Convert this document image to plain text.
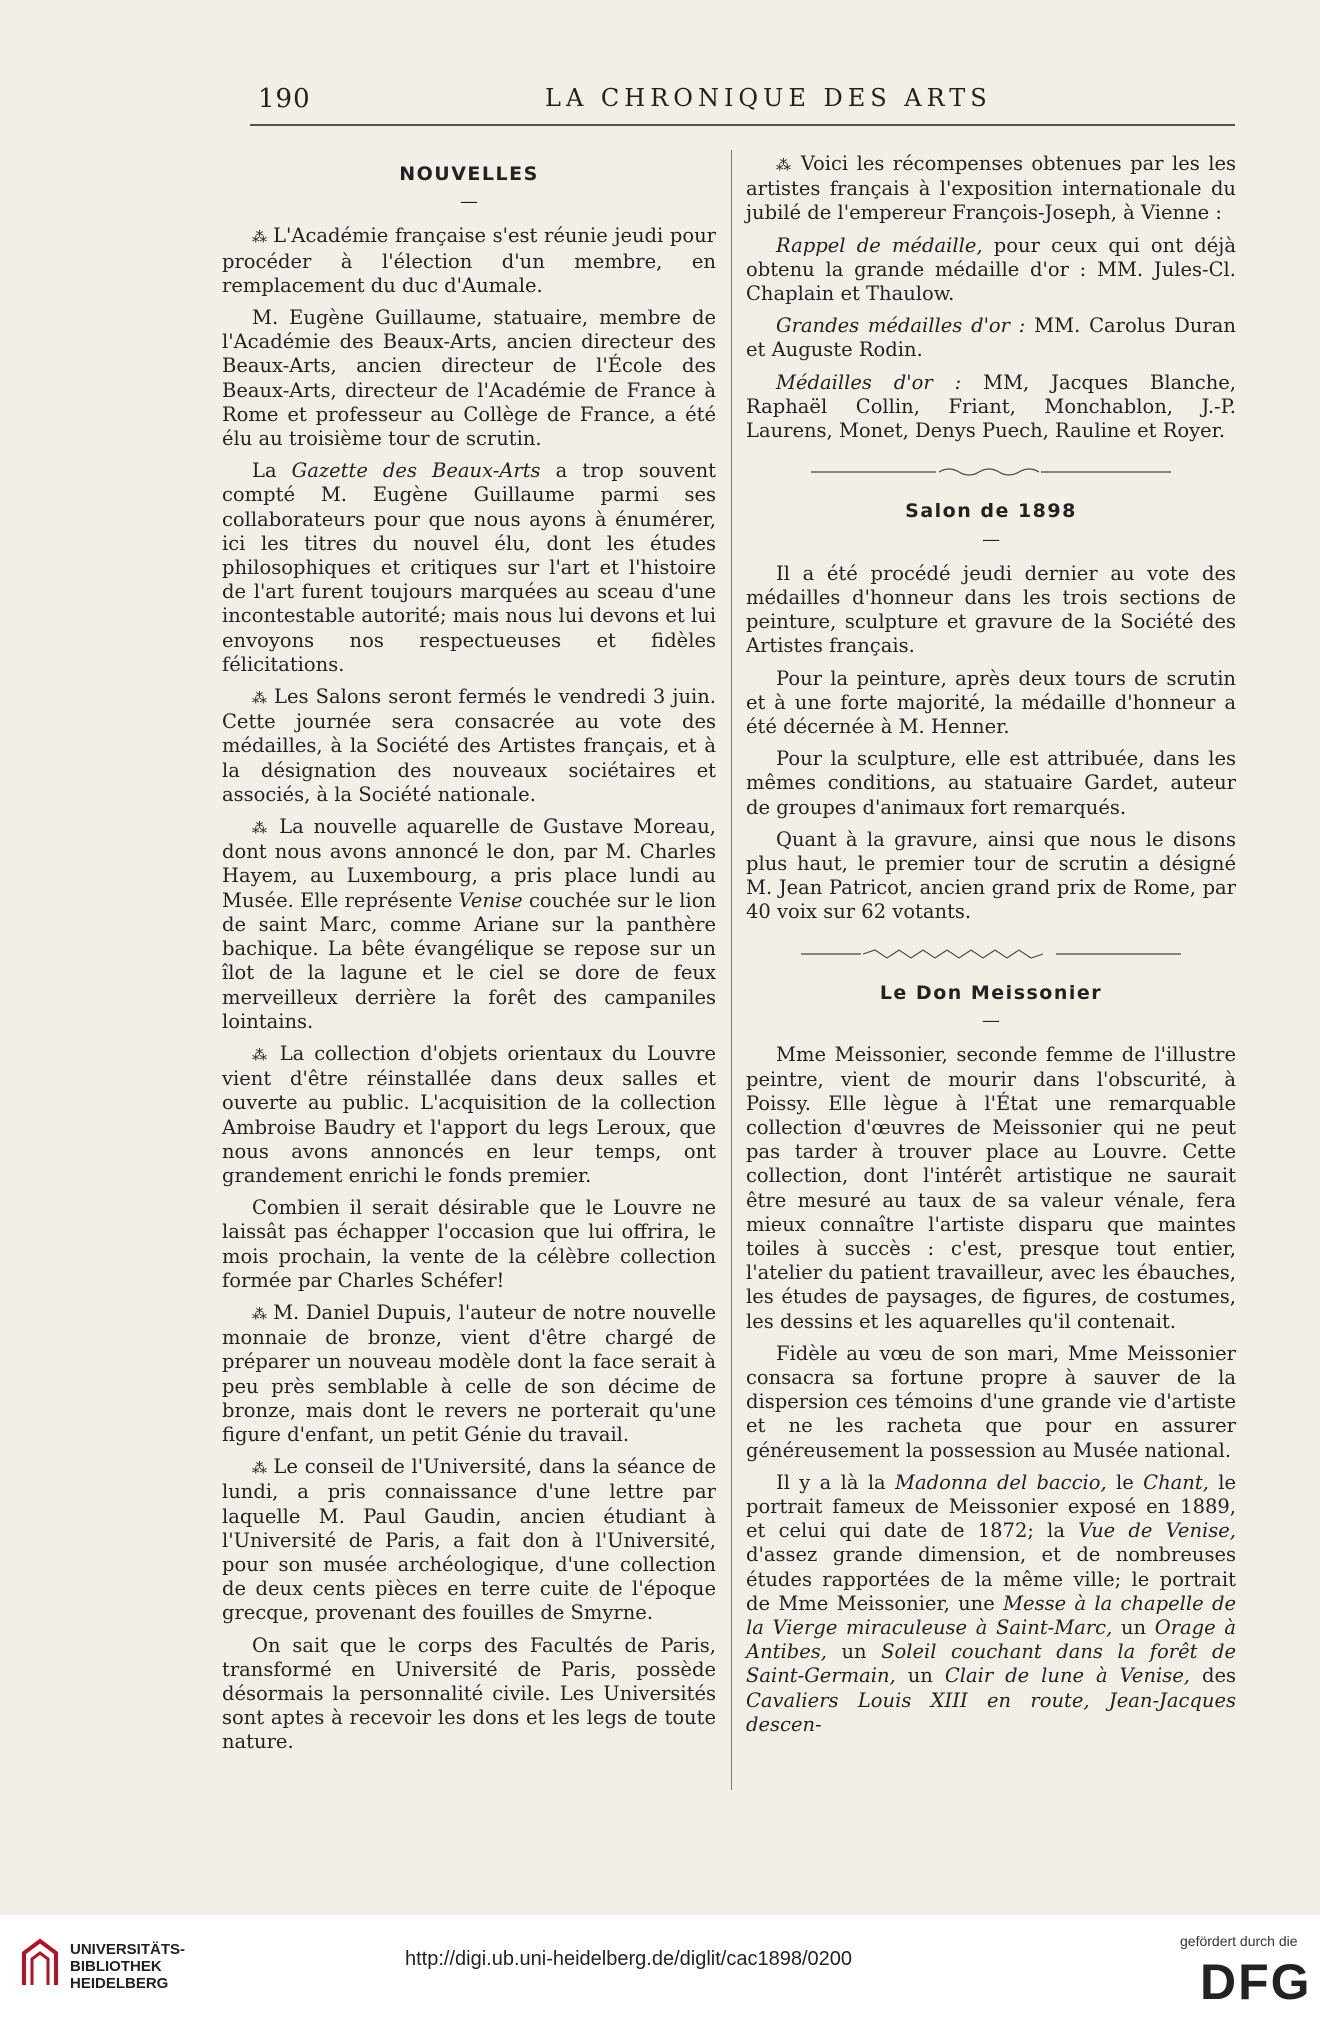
190	LA CHRONIQUE DES ARTS
NOUVELLES
—

⁂ L'Académie française s'est réunie jeudi pour procéder à l'élection d'un membre, en remplacement du duc d'Aumale.

M. Eugène Guillaume, statuaire, membre de l'Académie des Beaux-Arts, ancien directeur des Beaux-Arts, ancien directeur de l'École des Beaux-Arts, directeur de l'Académie de France à Rome et professeur au Collège de France, a été élu au troisième tour de scrutin.

La Gazette des Beaux-Arts a trop souvent compté M. Eugène Guillaume parmi ses collaborateurs pour que nous ayons à énumérer, ici les titres du nouvel élu, dont les études philosophiques et critiques sur l'art et l'histoire de l'art furent toujours marquées au sceau d'une incontestable autorité; mais nous lui devons et lui envoyons nos respectueuses et fidèles félicitations.

⁂ Les Salons seront fermés le vendredi 3 juin. Cette journée sera consacrée au vote des médailles, à la Société des Artistes français, et à la désignation des nouveaux sociétaires et associés, à la Société nationale.

⁂ La nouvelle aquarelle de Gustave Moreau, dont nous avons annoncé le don, par M. Charles Hayem, au Luxembourg, a pris place lundi au Musée. Elle représente Venise couchée sur le lion de saint Marc, comme Ariane sur la panthère bachique. La bête évangélique se repose sur un îlot de la lagune et le ciel se dore de feux merveilleux derrière la forêt des campaniles lointains.

⁂ La collection d'objets orientaux du Louvre vient d'être réinstallée dans deux salles et ouverte au public. L'acquisition de la collection Ambroise Baudry et l'apport du legs Leroux, que nous avons annoncés en leur temps, ont grandement enrichi le fonds premier.

Combien il serait désirable que le Louvre ne laissât pas échapper l'occasion que lui offrira, le mois prochain, la vente de la célèbre collection formée par Charles Schéfer!

⁂ M. Daniel Dupuis, l'auteur de notre nouvelle monnaie de bronze, vient d'être chargé de préparer un nouveau modèle dont la face serait à peu près semblable à celle de son décime de bronze, mais dont le revers ne porterait qu'une figure d'enfant, un petit Génie du travail.

⁂ Le conseil de l'Université, dans la séance de lundi, a pris connaissance d'une lettre par laquelle M. Paul Gaudin, ancien étudiant à l'Université de Paris, a fait don à l'Université, pour son musée archéologique, d'une collection de deux cents pièces en terre cuite de l'époque grecque, provenant des fouilles de Smyrne.

On sait que le corps des Facultés de Paris, transformé en Université de Paris, possède désormais la personnalité civile. Les Universités sont aptes à recevoir les dons et les legs de toute nature.

⁂ Voici les récompenses obtenues par les les artistes français à l'exposition internationale du jubilé de l'empereur François-Joseph, à Vienne :

Rappel de médaille, pour ceux qui ont déjà obtenu la grande médaille d'or : MM. Jules-Cl. Chaplain et Thaulow.

Grandes médailles d'or : MM. Carolus Duran et Auguste Rodin.

Médailles d'or : MM, Jacques Blanche, Raphaël Collin, Friant, Monchablon, J.-P. Laurens, Monet, Denys Puech, Rauline et Royer.

Salon de 1898
—

Il a été procédé jeudi dernier au vote des médailles d'honneur dans les trois sections de peinture, sculpture et gravure de la Société des Artistes français.

Pour la peinture, après deux tours de scrutin et à une forte majorité, la médaille d'honneur a été décernée à M. Henner.

Pour la sculpture, elle est attribuée, dans les mêmes conditions, au statuaire Gardet, auteur de groupes d'animaux fort remarqués.

Quant à la gravure, ainsi que nous le disons plus haut, le premier tour de scrutin a désigné M. Jean Patricot, ancien grand prix de Rome, par 40 voix sur 62 votants.

Le Don Meissonier
—

Mme Meissonier, seconde femme de l'illustre peintre, vient de mourir dans l'obscurité, à Poissy. Elle lègue à l'État une remarquable collection d'œuvres de Meissonier qui ne peut pas tarder à trouver place au Louvre. Cette collection, dont l'intérêt artistique ne saurait être mesuré au taux de sa valeur vénale, fera mieux connaître l'artiste disparu que maintes toiles à succès : c'est, presque tout entier, l'atelier du patient travailleur, avec les ébauches, les études de paysages, de figures, de costumes, les dessins et les aquarelles qu'il contenait.

Fidèle au vœu de son mari, Mme Meissonier consacra sa fortune propre à sauver de la dispersion ces témoins d'une grande vie d'artiste et ne les racheta que pour en assurer généreusement la possession au Musée national.

Il y a là la Madonna del baccio, le Chant, le portrait fameux de Meissonier exposé en 1889, et celui qui date de 1872; la Vue de Venise, d'assez grande dimension, et de nombreuses études rapportées de la même ville; le portrait de Mme Meissonier, une Messe à la chapelle de la Vierge miraculeuse à Saint-Marc, un Orage à Antibes, un Soleil couchant dans la forêt de Saint-Germain, un Clair de lune à Venise, des Cavaliers Louis XIII en route, Jean-Jacques descen-

UNIVERSITÄTS-
BIBLIOTHEK
HEIDELBERG
http://digi.ub.uni-heidelberg.de/diglit/cac1898/0200
gefördert durch die
DFG
